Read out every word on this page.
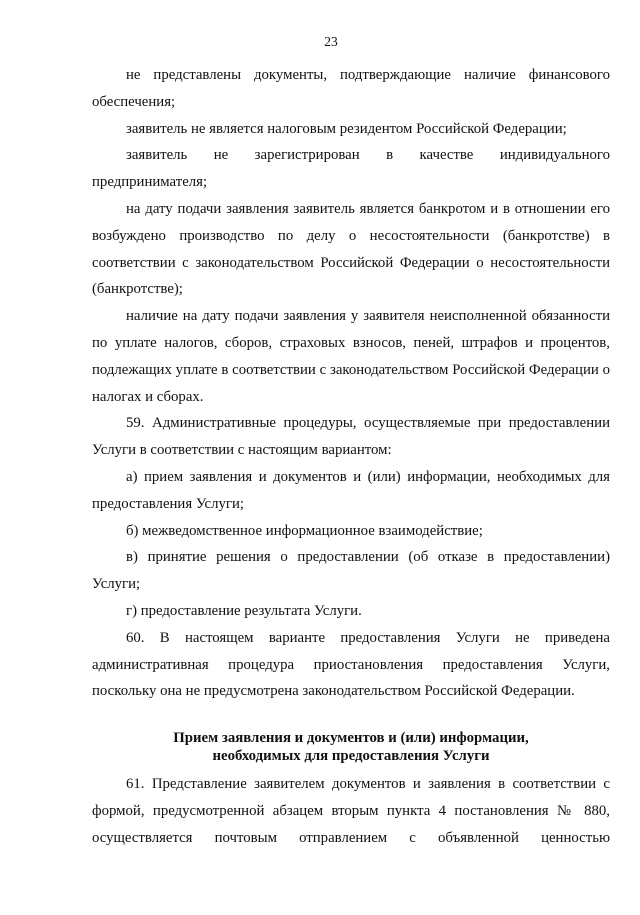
23

не представлены документы, подтверждающие наличие финансового обеспечения;

заявитель не является налоговым резидентом Российской Федерации;

заявитель не зарегистрирован в качестве индивидуального предпринимателя;

на дату подачи заявления заявитель является банкротом и в отношении его возбуждено производство по делу о несостоятельности (банкротстве) в соответствии с законодательством Российской Федерации о несостоятельности (банкротстве);

наличие на дату подачи заявления у заявителя неисполненной обязанности по уплате налогов, сборов, страховых взносов, пеней, штрафов и процентов, подлежащих уплате в соответствии с законодательством Российской Федерации о налогах и сборах.

59. Административные процедуры, осуществляемые при предоставлении Услуги в соответствии с настоящим вариантом:

а) прием заявления и документов и (или) информации, необходимых для предоставления Услуги;

б) межведомственное информационное взаимодействие;

в) принятие решения о предоставлении (об отказе в предоставлении) Услуги;

г) предоставление результата Услуги.

60. В настоящем варианте предоставления Услуги не приведена административная процедура приостановления предоставления Услуги, поскольку она не предусмотрена законодательством Российской Федерации.

Прием заявления и документов и (или) информации,
необходимых для предоставления Услуги

61. Представление заявителем документов и заявления в соответствии с формой, предусмотренной абзацем вторым пункта 4 постановления № 880, осуществляется почтовым отправлением с объявленной ценностью
